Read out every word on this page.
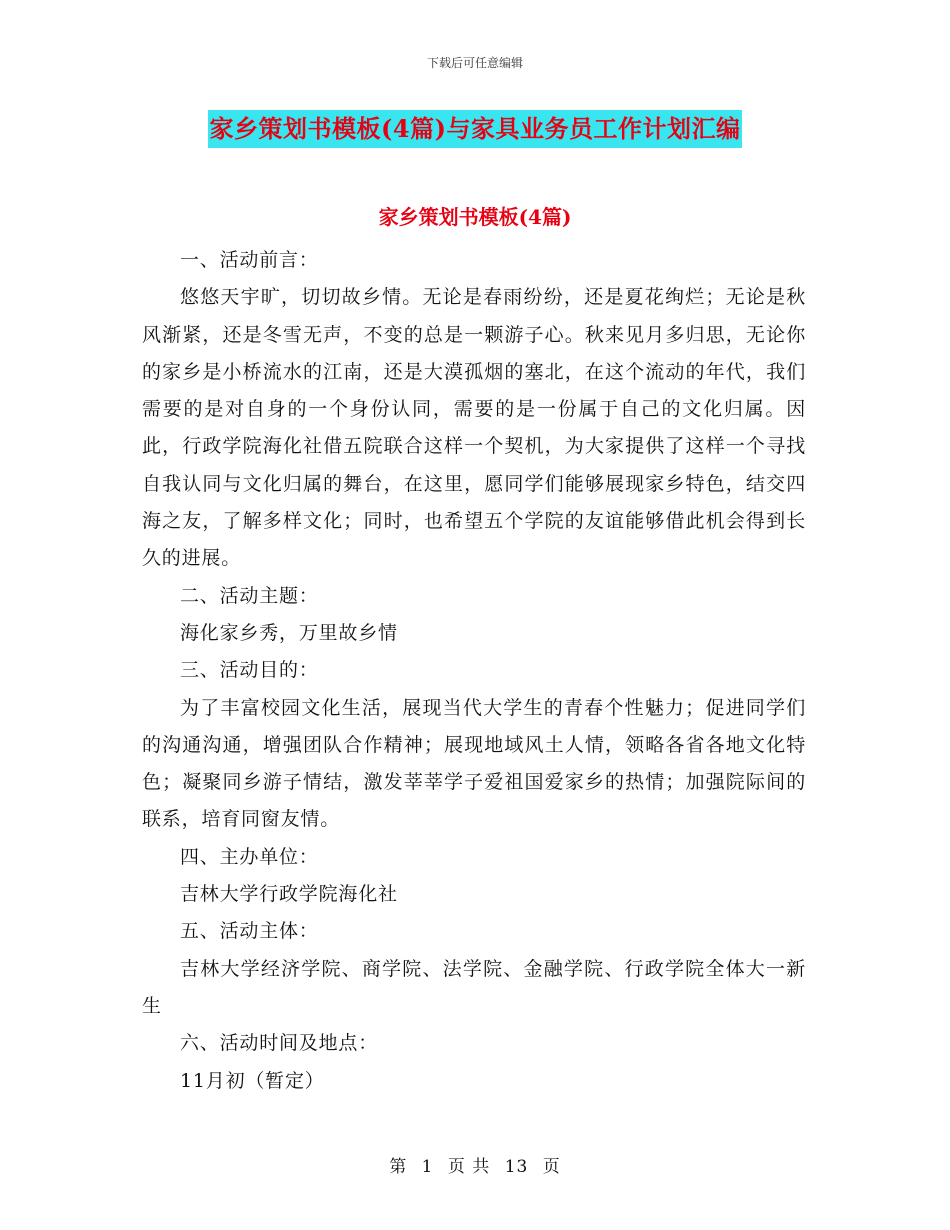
下载后可任意编辑
家乡策划书模板(4篇)与家具业务员工作计划汇编
家乡策划书模板(4篇)

一、活动前言：

悠悠天宇旷，切切故乡情。无论是春雨纷纷，还是夏花绚烂；无论是秋风渐紧，还是冬雪无声，不变的总是一颗游子心。秋来见月多归思，无论你的家乡是小桥流水的江南，还是大漠孤烟的塞北，在这个流动的年代，我们需要的是对自身的一个身份认同，需要的是一份属于自己的文化归属。因此，行政学院海化社借五院联合这样一个契机，为大家提供了这样一个寻找自我认同与文化归属的舞台，在这里，愿同学们能够展现家乡特色，结交四海之友，了解多样文化；同时，也希望五个学院的友谊能够借此机会得到长久的进展。

二、活动主题：

海化家乡秀，万里故乡情

三、活动目的：

为了丰富校园文化生活，展现当代大学生的青春个性魅力；促进同学们的沟通沟通，增强团队合作精神；展现地域风土人情，领略各省各地文化特色；凝聚同乡游子情结，激发莘莘学子爱祖国爱家乡的热情；加强院际间的联系，培育同窗友情。

四、主办单位：

吉林大学行政学院海化社

五、活动主体：

吉林大学经济学院、商学院、法学院、金融学院、行政学院全体大一新生

六、活动时间及地点：

11月初（暂定）

第 1 页 共 13 页
